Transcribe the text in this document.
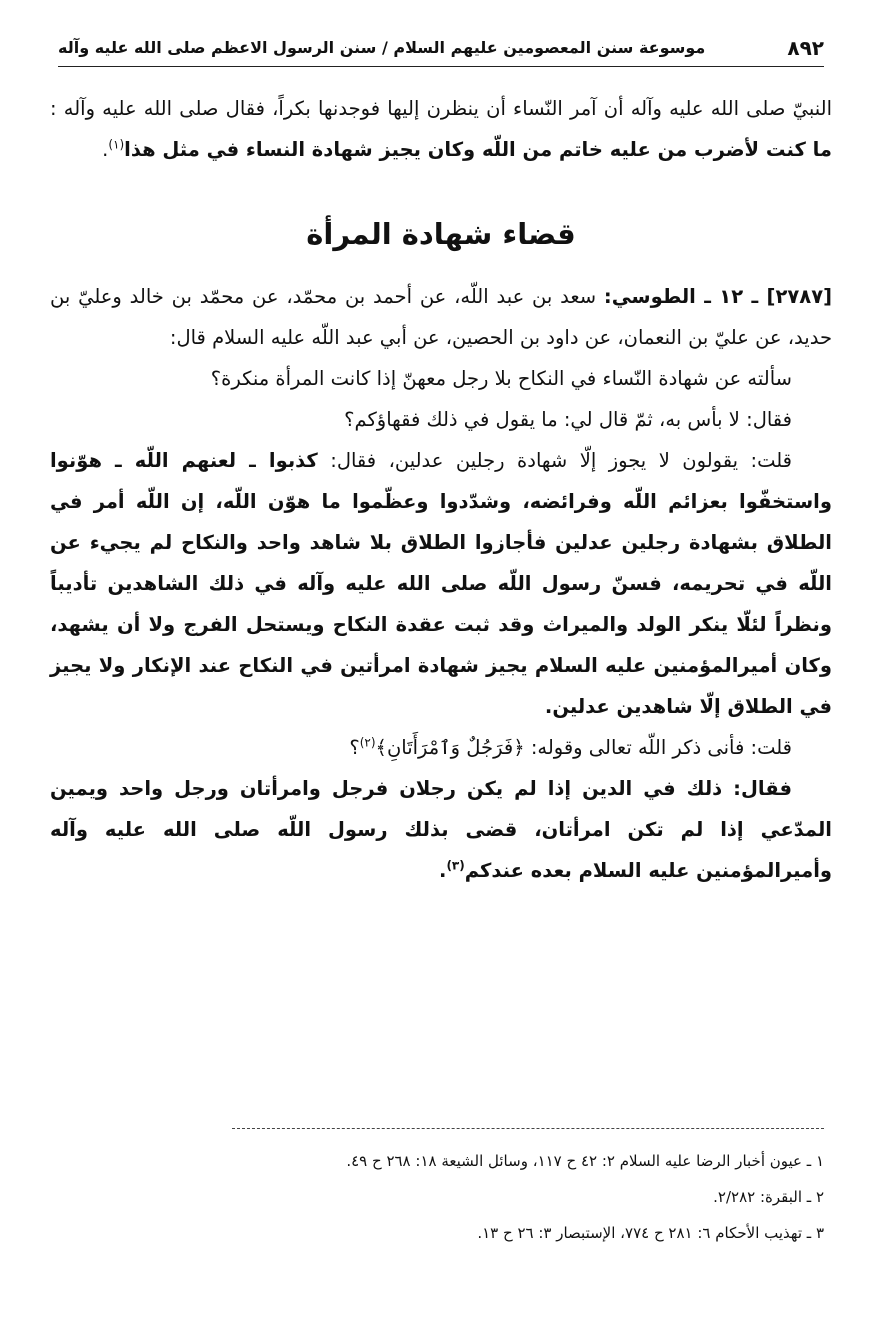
٨٩٢
موسوعة سنن المعصومين عليهم السلام / سنن الرسول الاعظم صلى الله عليه وآله

النبيّ صلى الله عليه وآله أن آمر النّساء أن ينظرن إليها فوجدنها بكراً، فقال صلى الله عليه وآله : ما كنت لأضرب من عليه خاتم من اللّه وكان يجيز شهادة النساء في مثل هذا$^{(١)}$.

قضاء شهادة المرأة

[٢٧٨٧] ـ ١٢ ـ الطوسي: سعد بن عبد اللّه، عن أحمد بن محمّد، عن محمّد بن خالد وعليّ بن حديد، عن عليّ بن النعمان، عن داود بن الحصين، عن أبي عبد اللّه عليه السلام قال:

سألته عن شهادة النّساء في النكاح بلا رجل معهنّ إذا كانت المرأة منكرة؟

فقال: لا بأس به، ثمّ قال لي: ما يقول في ذلك فقهاؤكم؟

قلت: يقولون لا يجوز إلّا شهادة رجلين عدلين، فقال: كذبوا ـ لعنهم اللّه ـ هوّنوا واستخفّوا بعزائم اللّه وفرائضه، وشدّدوا وعظّموا ما هوّن اللّه، إن اللّه أمر في الطلاق بشهادة رجلين عدلين فأجازوا الطلاق بلا شاهد واحد والنكاح لم يجيء عن اللّه في تحريمه، فسنّ رسول اللّه صلى الله عليه وآله في ذلك الشاهدين تأديباً ونظراً لئلّا ينكر الولد والميراث وقد ثبت عقدة النكاح ويستحل الفرج ولا أن يشهد، وكان أميرالمؤمنين عليه السلام يجيز شهادة امرأتين في النكاح عند الإنكار ولا يجيز في الطلاق إلّا شاهدين عدلين.

قلت: فأنى ذكر اللّه تعالى وقوله: ﴿فَرَجُلٌ وَٱمْرَأَتَانِ﴾$^{(٢)}$؟

فقال: ذلك في الدين إذا لم يكن رجلان فرجل وامرأتان ورجل واحد ويمين المدّعي إذا لم تكن امرأتان، قضى بذلك رسول اللّه صلى الله عليه وآله وأميرالمؤمنين عليه السلام بعده عندكم$^{(٣)}$.

١ ـ عيون أخبار الرضا عليه السلام ٢: ٤٢ ح ١١٧، وسائل الشيعة ١٨: ٢٦٨ ح ٤٩.

٢ ـ البقرة: ٢/٢٨٢.

٣ ـ تهذيب الأحكام ٦: ٢٨١ ح ٧٧٤، الإستبصار ٣: ٢٦ ح ١٣.
